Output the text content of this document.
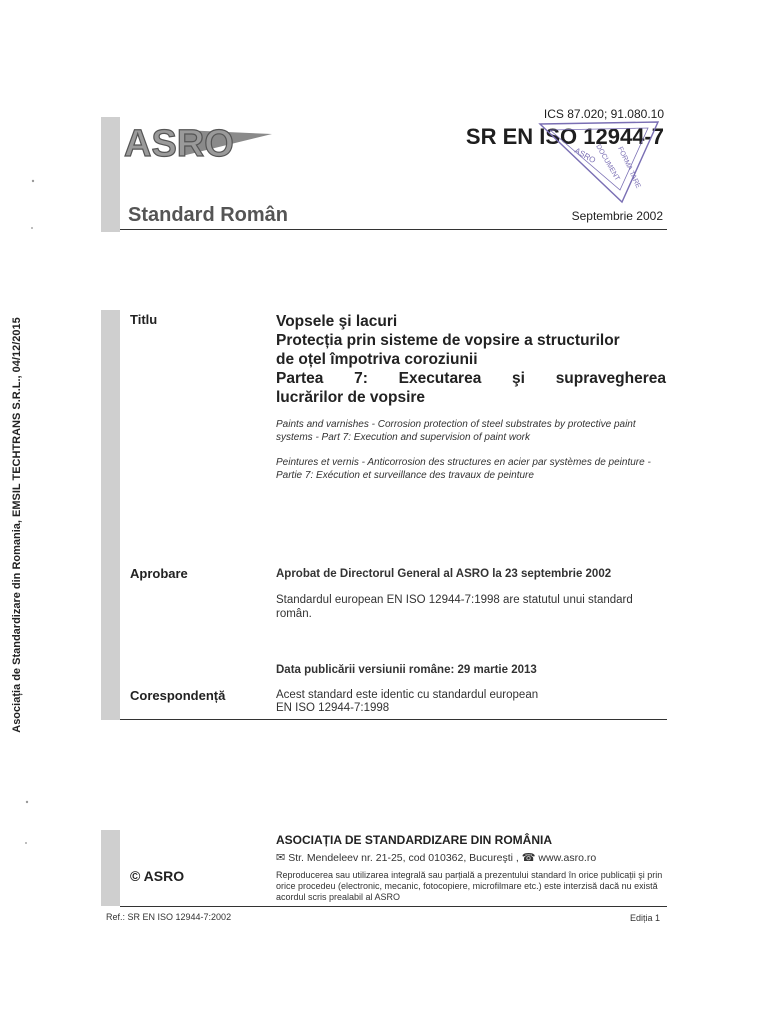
Asociația de Standardizare din Romania, EMSIL TECHTRANS S.R.L., 04/12/2015
ASRO
ICS 87.020; 91.080.10
SR EN ISO 12944-7
ASRO
DOCUMENT
FORMA TARE
Standard Român	Septembrie 2002
Titlu	Vopsele şi lacuri
Protecția prin sisteme de vopsire a structurilor
de oțel împotriva coroziunii
Partea 7: Executarea şi supravegherea
lucrărilor de vopsire
Paints and varnishes - Corrosion protection of steel substrates by protective paint systems - Part 7: Execution and supervision of paint work
Peintures et vernis - Anticorrosion des structures en acier par systèmes de peinture - Partie 7: Exécution et surveillance des travaux de peinture
Aprobare	Aprobat de Directorul General al ASRO la 23 septembrie 2002
Standardul european EN ISO 12944-7:1998 are statutul unui standard român.
Data publicării versiunii române: 29 martie 2013
Corespondență	Acest standard este identic cu standardul european
EN ISO 12944-7:1998
© ASRO
ASOCIAȚIA DE STANDARDIZARE DIN ROMÂNIA
✉ Str. Mendeleev nr. 21-25, cod 010362, Bucureşti , ☎ www.asro.ro
Reproducerea sau utilizarea integrală sau parțială a prezentului standard în orice publicații şi prin orice procedeu (electronic, mecanic, fotocopiere, microfilmare etc.) este interzisă dacă nu există acordul scris prealabil al ASRO
Ref.: SR EN ISO 12944-7:2002	Ediția 1
